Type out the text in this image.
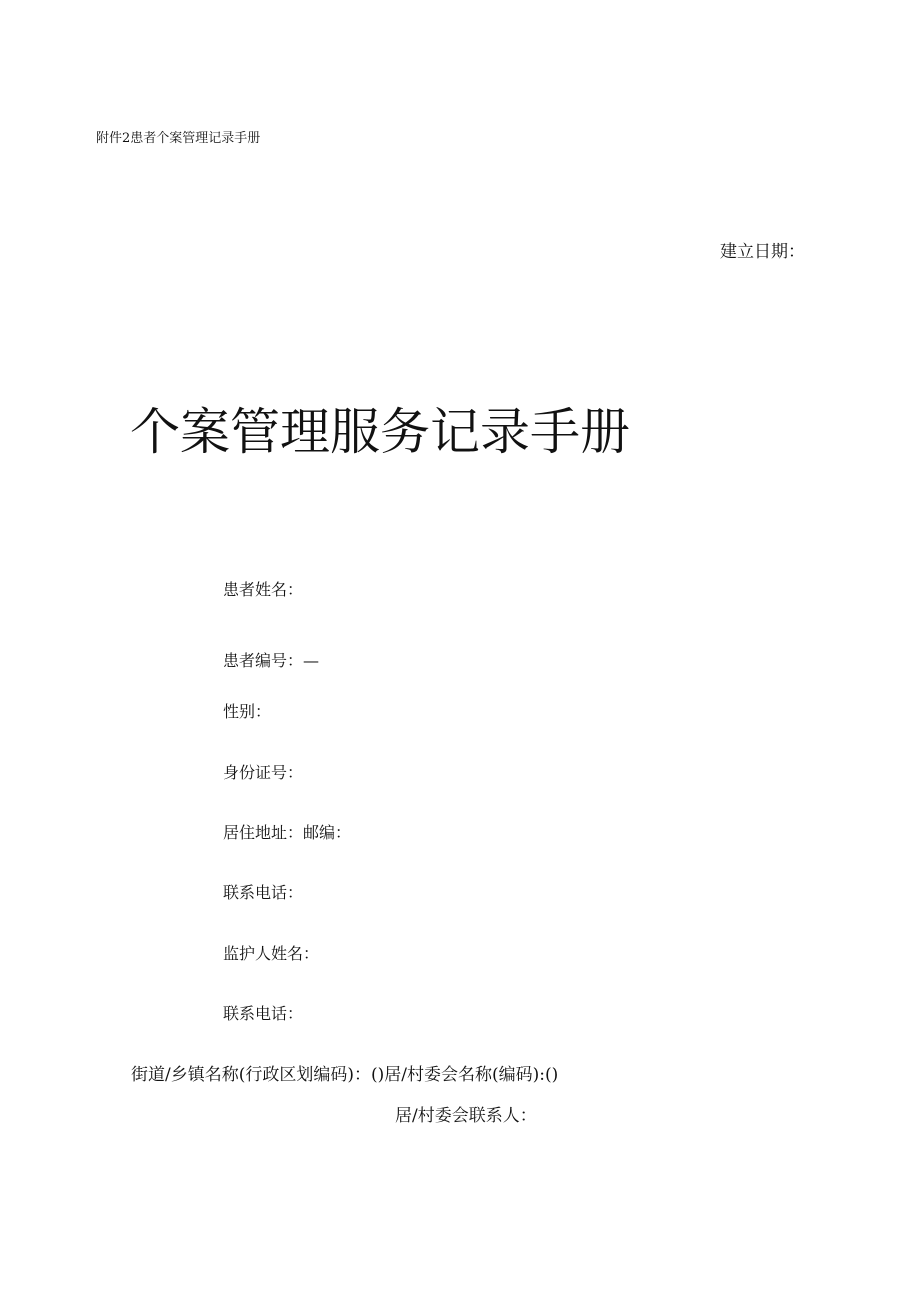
附件2患者个案管理记录手册
建立日期：
个案管理服务记录手册
患者姓名：
患者编号：—
性别：
身份证号：
居住地址：邮编：
联系电话：
监护人姓名：
联系电话：
街道/乡镇名称(行政区划编码)：()居/村委会名称(编码):()
居/村委会联系人：
